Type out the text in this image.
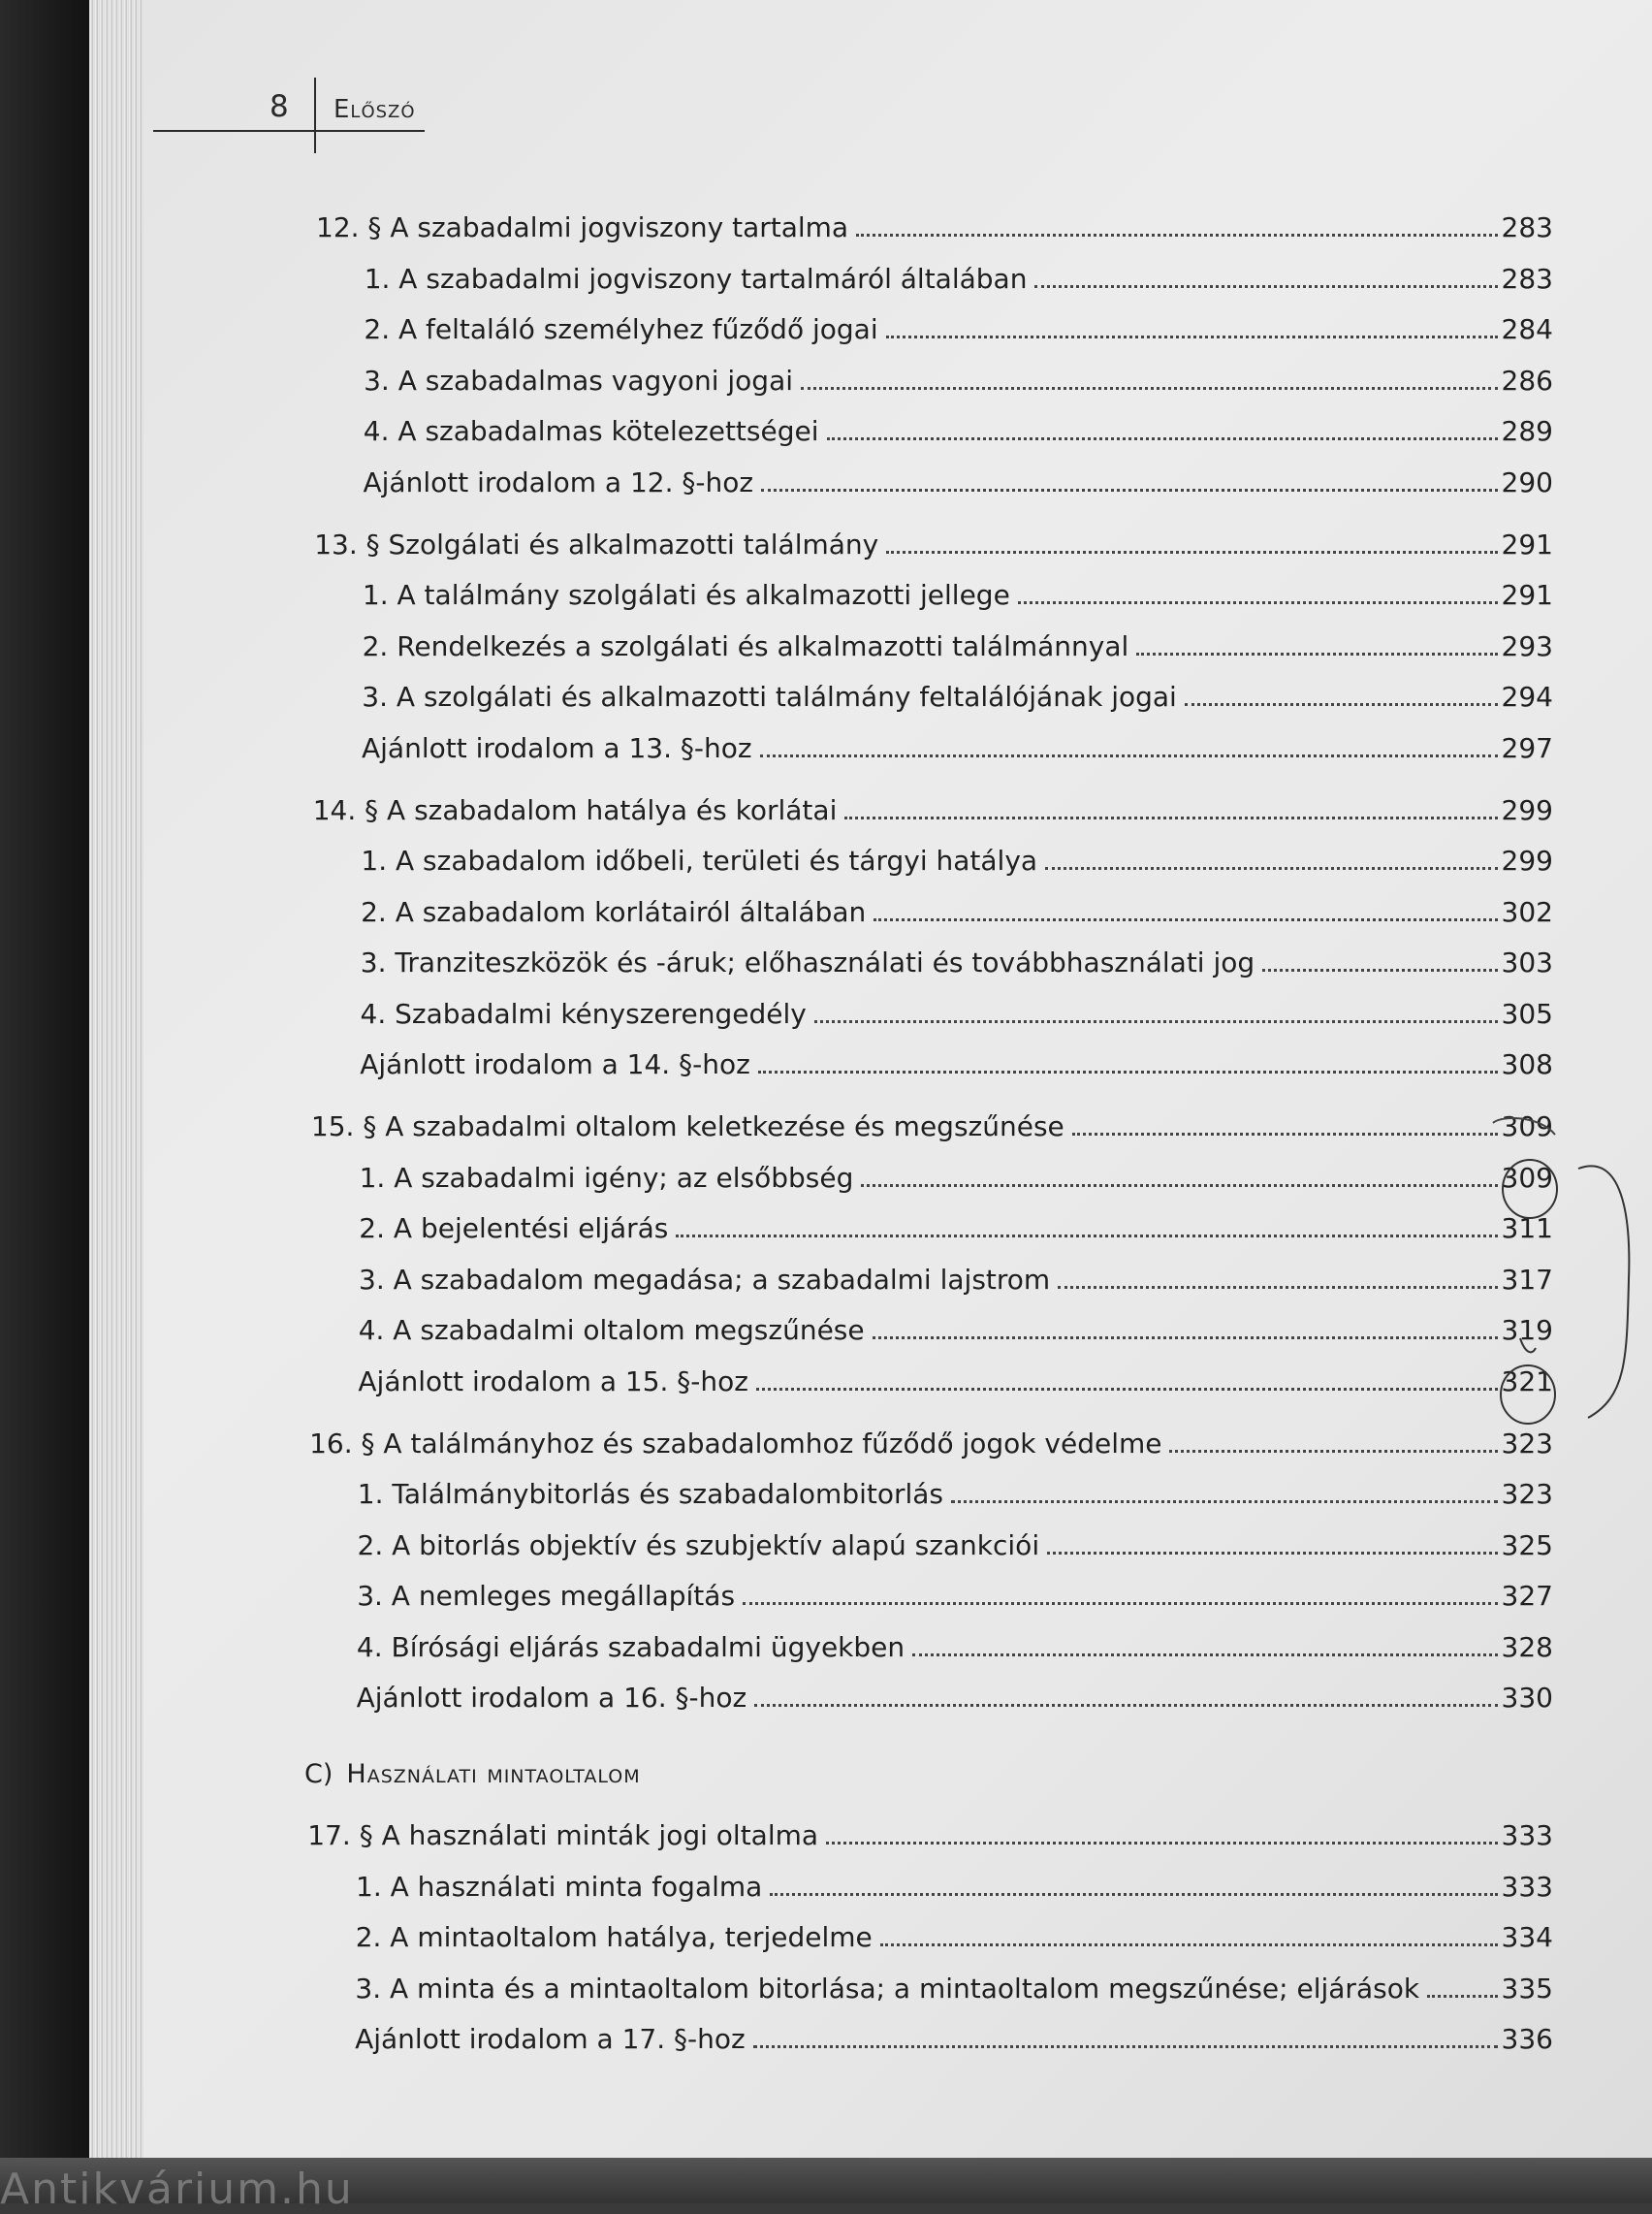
8 Előszó
12. § A szabadalmi jogviszony tartalma	283
1. A szabadalmi jogviszony tartalmáról általában	283
2. A feltaláló személyhez fűződő jogai	284
3. A szabadalmas vagyoni jogai	286
4. A szabadalmas kötelezettségei	289
Ajánlott irodalom a 12. §-hoz	290
13. § Szolgálati és alkalmazotti találmány	291
1. A találmány szolgálati és alkalmazotti jellege	291
2. Rendelkezés a szolgálati és alkalmazotti találmánnyal	293
3. A szolgálati és alkalmazotti találmány feltalálójának jogai	294
Ajánlott irodalom a 13. §-hoz	297
14. § A szabadalom hatálya és korlátai	299
1. A szabadalom időbeli, területi és tárgyi hatálya	299
2. A szabadalom korlátairól általában	302
3. Tranziteszközök és -áruk; előhasználati és továbbhasználati jog	303
4. Szabadalmi kényszerengedély	305
Ajánlott irodalom a 14. §-hoz	308
15. § A szabadalmi oltalom keletkezése és megszűnése	309
1. A szabadalmi igény; az elsőbbség	309
2. A bejelentési eljárás	311
3. A szabadalom megadása; a szabadalmi lajstrom	317
4. A szabadalmi oltalom megszűnése	319
Ajánlott irodalom a 15. §-hoz	321
16. § A találmányhoz és szabadalomhoz fűződő jogok védelme	323
1. Találmánybitorlás és szabadalombitorlás	323
2. A bitorlás objektív és szubjektív alapú szankciói	325
3. A nemleges megállapítás	327
4. Bírósági eljárás szabadalmi ügyekben	328
Ajánlott irodalom a 16. §-hoz	330
17. § A használati minták jogi oltalma	333
1. A használati minta fogalma	333
2. A mintaoltalom hatálya, terjedelme	334
3. A minta és a mintaoltalom bitorlása; a mintaoltalom megszűnése; eljárások	335
Ajánlott irodalom a 17. §-hoz	336
C) Használati mintaoltalom
Antikvárium.hu
